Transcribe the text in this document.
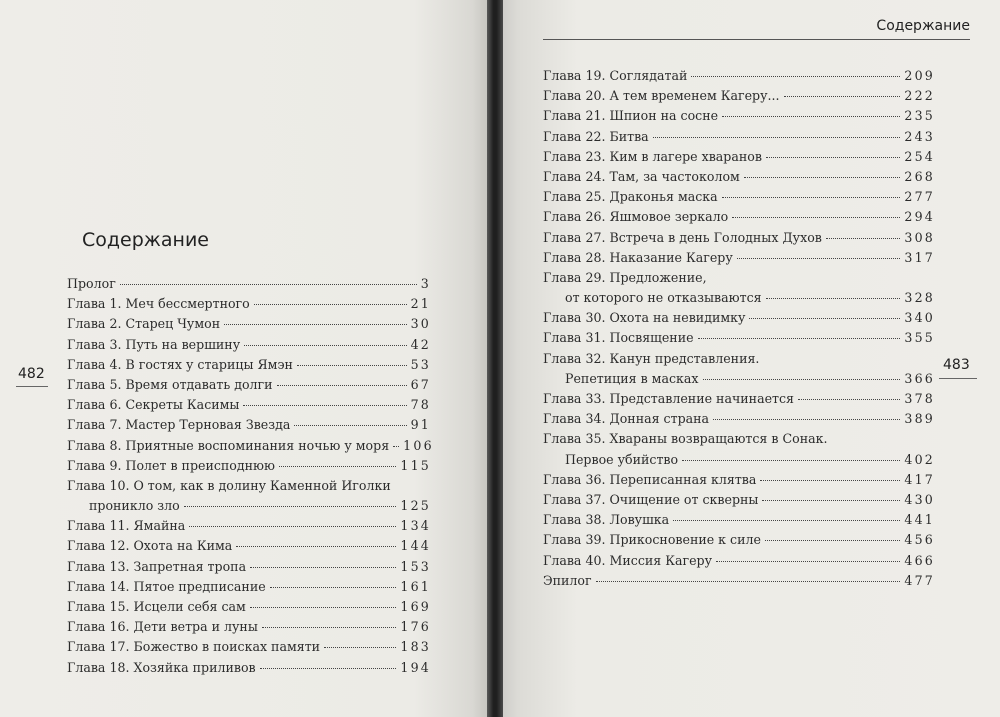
Содержание
Пролог	3
Глава 1. Меч бессмертного	21
Глава 2. Старец Чумон	30
Глава 3. Путь на вершину	42
Глава 4. В гостях у старицы Ямэн	53
Глава 5. Время отдавать долги	67
Глава 6. Секреты Касимы	78
Глава 7. Мастер Терновая Звезда	91
Глава 8. Приятные воспоминания ночью у моря 106
Глава 9. Полет в преисподнюю	115
Глава 10. О том, как в долину Каменной Иголки
проникло зло	125
Глава 11. Ямайна	134
Глава 12. Охота на Кима	144
Глава 13. Запретная тропа	153
Глава 14. Пятое предписание	161
Глава 15. Исцели себя сам	169
Глава 16. Дети ветра и луны	176
Глава 17. Божество в поисках памяти	183
Глава 18. Хозяйка приливов	194
482
Содержание
Глава 19. Соглядатай	209
Глава 20. А тем временем Кагеру...	222
Глава 21. Шпион на сосне	235
Глава 22. Битва	243
Глава 23. Ким в лагере хваранов	254
Глава 24. Там, за частоколом	268
Глава 25. Драконья маска	277
Глава 26. Яшмовое зеркало	294
Глава 27. Встреча в день Голодных Духов	308
Глава 28. Наказание Кагеру	317
Глава 29. Предложение,
от которого не отказываются	328
Глава 30. Охота на невидимку	340
Глава 31. Посвящение	355
Глава 32. Канун представления.
Репетиция в масках	366
Глава 33. Представление начинается	378
Глава 34. Донная страна	389
Глава 35. Хвараны возвращаются в Сонак.
Первое убийство	402
Глава 36. Переписанная клятва	417
Глава 37. Очищение от скверны	430
Глава 38. Ловушка	441
Глава 39. Прикосновение к силе	456
Глава 40. Миссия Кагеру	466
Эпилог	477
483
